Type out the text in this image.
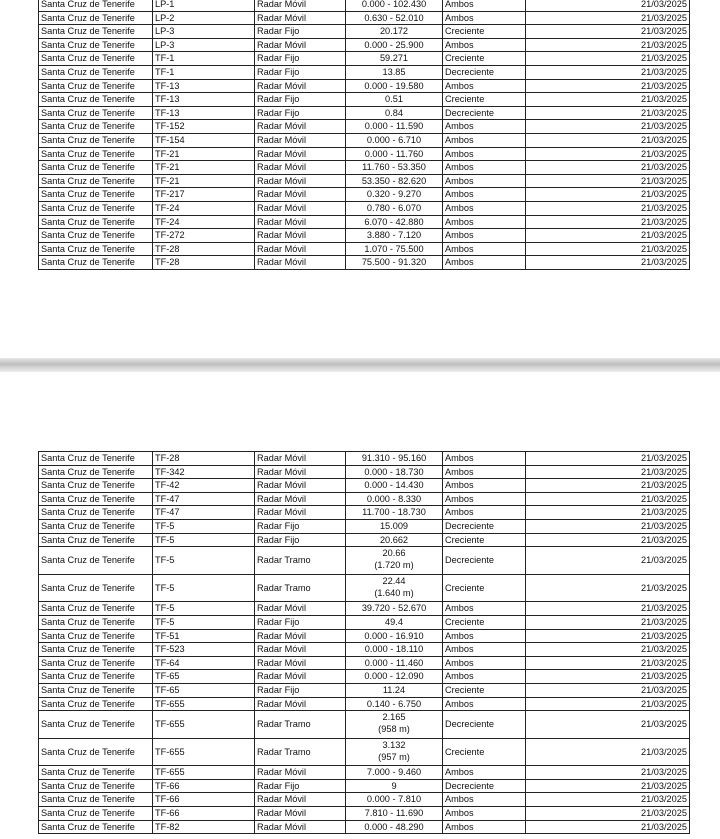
Santa Cruz de Tenerife	LP-1	Radar Móvil	0.000 - 102.430	Ambos	21/03/2025
Santa Cruz de Tenerife	LP-2	Radar Móvil	0.630 - 52.010	Ambos	21/03/2025
Santa Cruz de Tenerife	LP-3	Radar Fijo	20.172	Creciente	21/03/2025
Santa Cruz de Tenerife	LP-3	Radar Móvil	0.000 - 25.900	Ambos	21/03/2025
Santa Cruz de Tenerife	TF-1	Radar Fijo	59.271	Creciente	21/03/2025
Santa Cruz de Tenerife	TF-1	Radar Fijo	13.85	Decreciente	21/03/2025
Santa Cruz de Tenerife	TF-13	Radar Móvil	0.000 - 19.580	Ambos	21/03/2025
Santa Cruz de Tenerife	TF-13	Radar Fijo	0.51	Creciente	21/03/2025
Santa Cruz de Tenerife	TF-13	Radar Fijo	0.84	Decreciente	21/03/2025
Santa Cruz de Tenerife	TF-152	Radar Móvil	0.000 - 11.590	Ambos	21/03/2025
Santa Cruz de Tenerife	TF-154	Radar Móvil	0.000 - 6.710	Ambos	21/03/2025
Santa Cruz de Tenerife	TF-21	Radar Móvil	0.000 - 11.760	Ambos	21/03/2025
Santa Cruz de Tenerife	TF-21	Radar Móvil	11.760 - 53.350	Ambos	21/03/2025
Santa Cruz de Tenerife	TF-21	Radar Móvil	53.350 - 82.620	Ambos	21/03/2025
Santa Cruz de Tenerife	TF-217	Radar Móvil	0.320 - 9.270	Ambos	21/03/2025
Santa Cruz de Tenerife	TF-24	Radar Móvil	0.780 - 6.070	Ambos	21/03/2025
Santa Cruz de Tenerife	TF-24	Radar Móvil	6.070 - 42.880	Ambos	21/03/2025
Santa Cruz de Tenerife	TF-272	Radar Móvil	3.880 - 7.120	Ambos	21/03/2025
Santa Cruz de Tenerife	TF-28	Radar Móvil	1.070 - 75.500	Ambos	21/03/2025
Santa Cruz de Tenerife	TF-28	Radar Móvil	75.500 - 91.320	Ambos	21/03/2025
Santa Cruz de Tenerife	TF-28	Radar Móvil	91.310 - 95.160	Ambos	21/03/2025
Santa Cruz de Tenerife	TF-342	Radar Móvil	0.000 - 18.730	Ambos	21/03/2025
Santa Cruz de Tenerife	TF-42	Radar Móvil	0.000 - 14.430	Ambos	21/03/2025
Santa Cruz de Tenerife	TF-47	Radar Móvil	0.000 - 8.330	Ambos	21/03/2025
Santa Cruz de Tenerife	TF-47	Radar Móvil	11.700 - 18.730	Ambos	21/03/2025
Santa Cruz de Tenerife	TF-5	Radar Fijo	15.009	Decreciente	21/03/2025
Santa Cruz de Tenerife	TF-5	Radar Fijo	20.662	Creciente	21/03/2025
Santa Cruz de Tenerife	TF-5	Radar Tramo	20.66
(1.720 m)	Decreciente	21/03/2025
Santa Cruz de Tenerife	TF-5	Radar Tramo	22.44
(1.640 m)	Creciente	21/03/2025
Santa Cruz de Tenerife	TF-5	Radar Móvil	39.720 - 52.670	Ambos	21/03/2025
Santa Cruz de Tenerife	TF-5	Radar Fijo	49.4	Creciente	21/03/2025
Santa Cruz de Tenerife	TF-51	Radar Móvil	0.000 - 16.910	Ambos	21/03/2025
Santa Cruz de Tenerife	TF-523	Radar Móvil	0.000 - 18.110	Ambos	21/03/2025
Santa Cruz de Tenerife	TF-64	Radar Móvil	0.000 - 11.460	Ambos	21/03/2025
Santa Cruz de Tenerife	TF-65	Radar Móvil	0.000 - 12.090	Ambos	21/03/2025
Santa Cruz de Tenerife	TF-65	Radar Fijo	11.24	Creciente	21/03/2025
Santa Cruz de Tenerife	TF-655	Radar Móvil	0.140 - 6.750	Ambos	21/03/2025
Santa Cruz de Tenerife	TF-655	Radar Tramo	2.165
(958 m)	Decreciente	21/03/2025
Santa Cruz de Tenerife	TF-655	Radar Tramo	3.132
(957 m)	Creciente	21/03/2025
Santa Cruz de Tenerife	TF-655	Radar Móvil	7.000 - 9.460	Ambos	21/03/2025
Santa Cruz de Tenerife	TF-66	Radar Fijo	9	Decreciente	21/03/2025
Santa Cruz de Tenerife	TF-66	Radar Móvil	0.000 - 7.810	Ambos	21/03/2025
Santa Cruz de Tenerife	TF-66	Radar Móvil	7.810 - 11.690	Ambos	21/03/2025
Santa Cruz de Tenerife	TF-82	Radar Móvil	0.000 - 48.290	Ambos	21/03/2025
